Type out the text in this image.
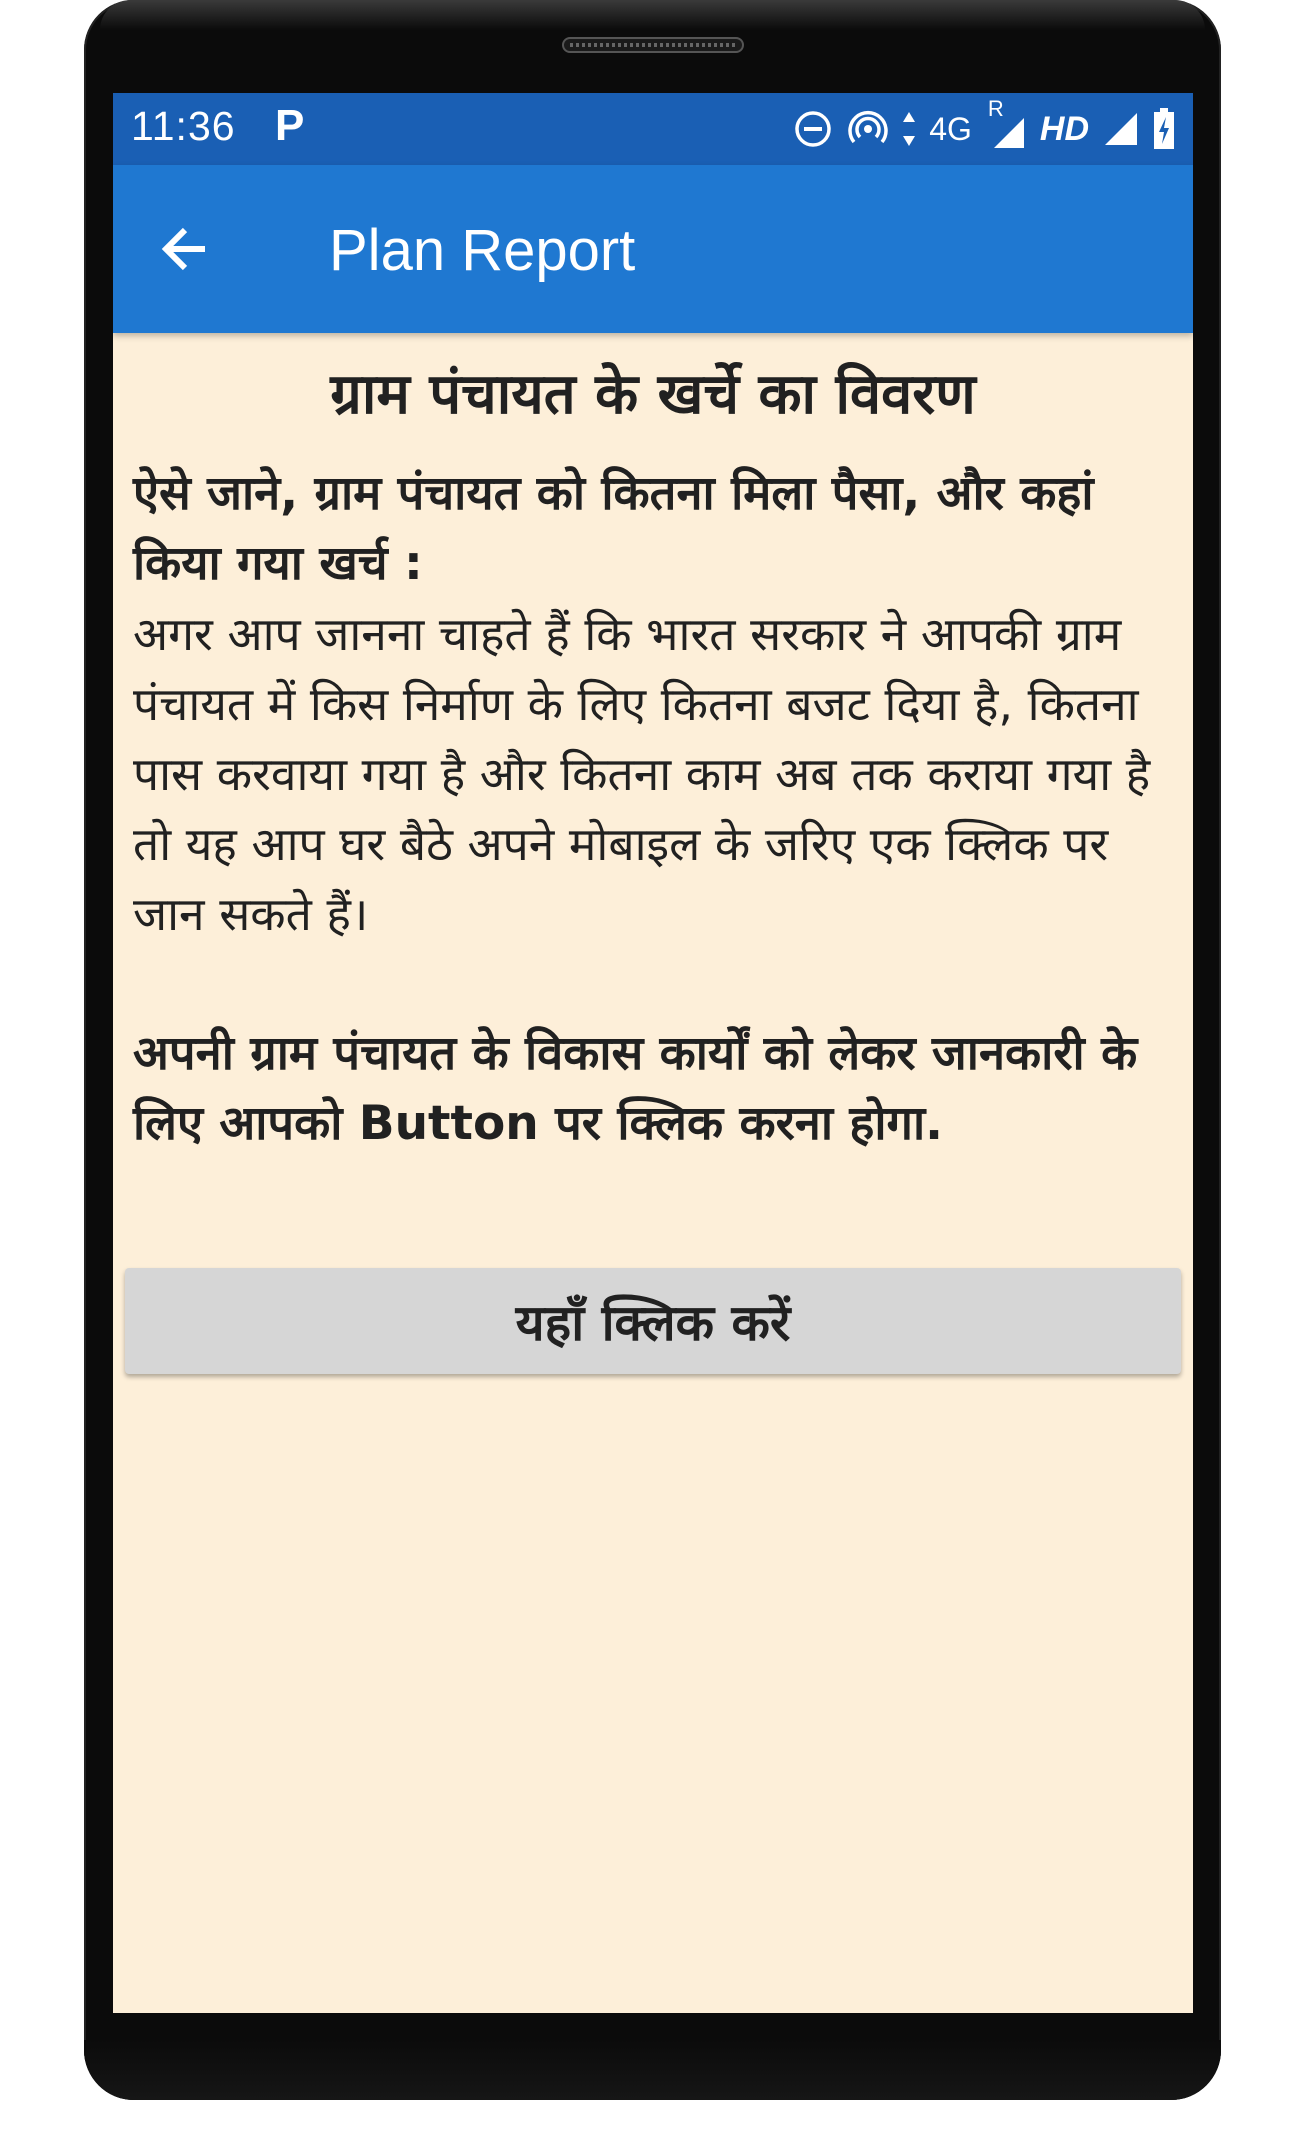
11:36 P	4G
R
HD
Plan Report

ग्राम पंचायत के खर्चे का विवरण

ऐसे जाने, ग्राम पंचायत को कितना मिला पैसा, और कहां किया गया खर्च :

अगर आप जानना चाहते हैं कि भारत सरकार ने आपकी ग्राम पंचायत में किस निर्माण के लिए कितना बजट दिया है, कितना पास करवाया गया है और कितना काम अब तक कराया गया है तो यह आप घर बैठे अपने मोबाइल के जरिए एक क्लिक पर जान सकते हैं।

अपनी ग्राम पंचायत के विकास कार्यों को लेकर जानकारी के लिए आपको Button पर क्लिक करना होगा.

यहाँ क्लिक करें
